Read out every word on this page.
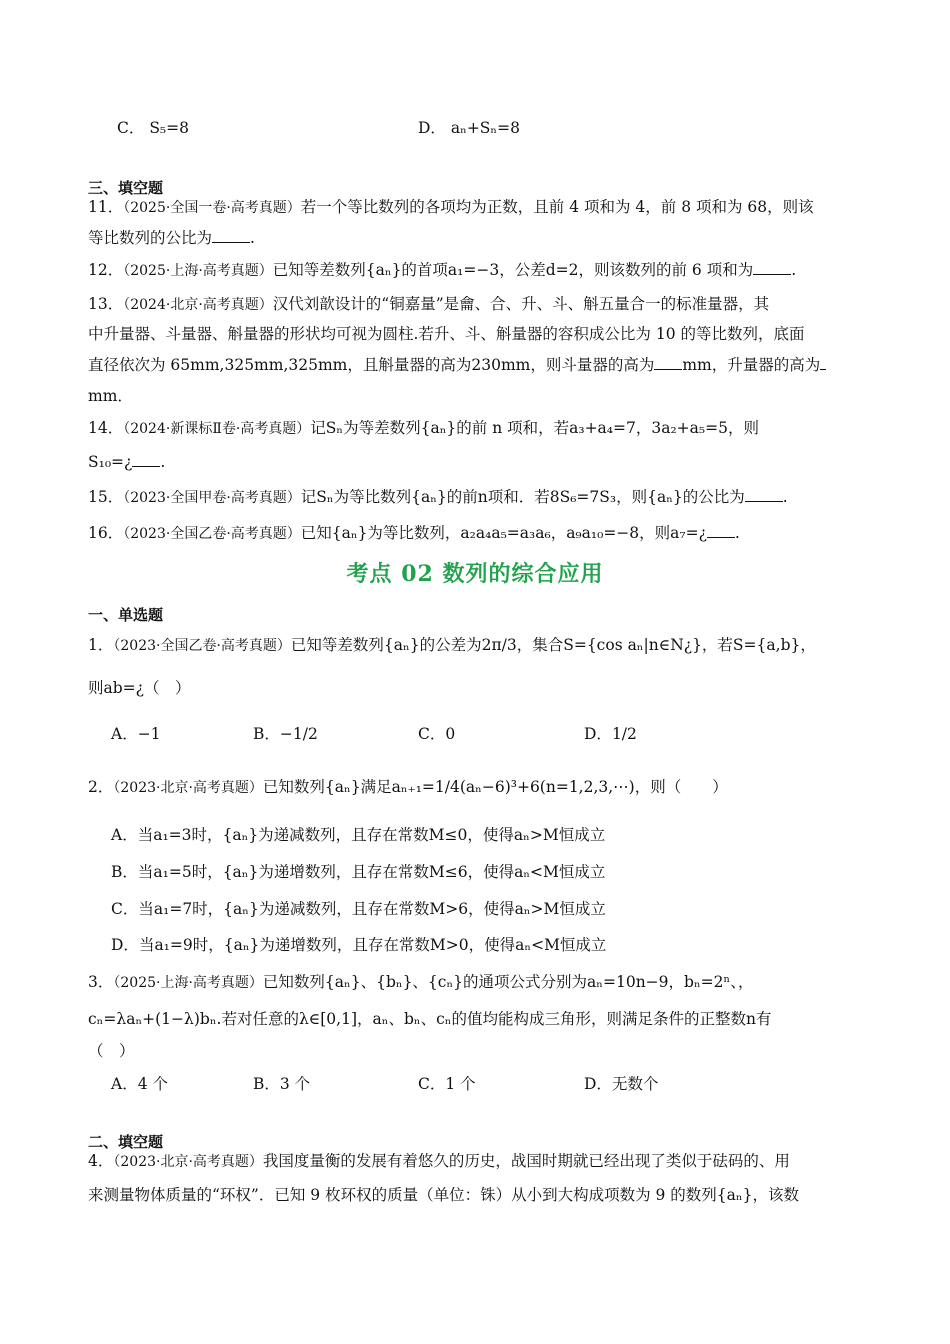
C． S₅=8	D． aₙ+Sₙ=8
三、填空题
11．（2025·全国一卷·高考真题）若一个等比数列的各项均为正数，且前 4 项和为 4，前 8 项和为 68，则该
等比数列的公比为 .
12．（2025·上海·高考真题）已知等差数列{aₙ}的首项a₁=−3，公差d=2，则该数列的前 6 项和为 .
13．（2024·北京·高考真题）汉代刘歆设计的“铜嘉量”是龠、合、升、斗、斛五量合一的标准量器，其
中升量器、斗量器、斛量器的形状均可视为圆柱.若升、斗、斛量器的容积成公比为 10 的等比数列，底面
直径依次为 65mm,325mm,325mm，且斛量器的高为230mm，则斗量器的高为 mm，升量器的高为
mm．
14．（2024·新课标Ⅱ卷·高考真题）记Sₙ为等差数列{aₙ}的前 n 项和，若a₃+a₄=7，3a₂+a₅=5，则
S₁₀=¿ .
15．（2023·全国甲卷·高考真题）记Sₙ为等比数列{aₙ}的前n项和．若8S₆=7S₃，则{aₙ}的公比为 .
16．（2023·全国乙卷·高考真题）已知{aₙ}为等比数列，a₂a₄a₅=a₃a₆，a₉a₁₀=−8，则a₇=¿ .
考点 02 数列的综合应用
一、单选题
1．（2023·全国乙卷·高考真题）已知等差数列{aₙ}的公差为2π/3，集合S={cos aₙ|n∈N¿}，若S={a,b}，
则ab=¿（　）
A．−1	B．−1/2	C．0	D．1/2
2．（2023·北京·高考真题）已知数列{aₙ}满足aₙ₊₁=1/4(aₙ−6)³+6(n=1,2,3,⋯)，则（　　）
A．当a₁=3时，{aₙ}为递减数列，且存在常数M≤0，使得aₙ>M恒成立
B．当a₁=5时，{aₙ}为递增数列，且存在常数M≤6，使得aₙ<M恒成立
C．当a₁=7时，{aₙ}为递减数列，且存在常数M>6，使得aₙ>M恒成立
D．当a₁=9时，{aₙ}为递增数列，且存在常数M>0，使得aₙ<M恒成立
3．（2025·上海·高考真题）已知数列{aₙ}、{bₙ}、{cₙ}的通项公式分别为aₙ=10n−9，bₙ=2ⁿ、，
cₙ=λaₙ+(1−λ)bₙ.若对任意的λ∈[0,1]，aₙ、bₙ、cₙ的值均能构成三角形，则满足条件的正整数n有
（　）
A．4 个	B．3 个	C．1 个	D．无数个
二、填空题
4．（2023·北京·高考真题）我国度量衡的发展有着悠久的历史，战国时期就已经出现了类似于砝码的、用
来测量物体质量的“环权”．已知 9 枚环权的质量（单位：铢）从小到大构成项数为 9 的数列{aₙ}，该数
